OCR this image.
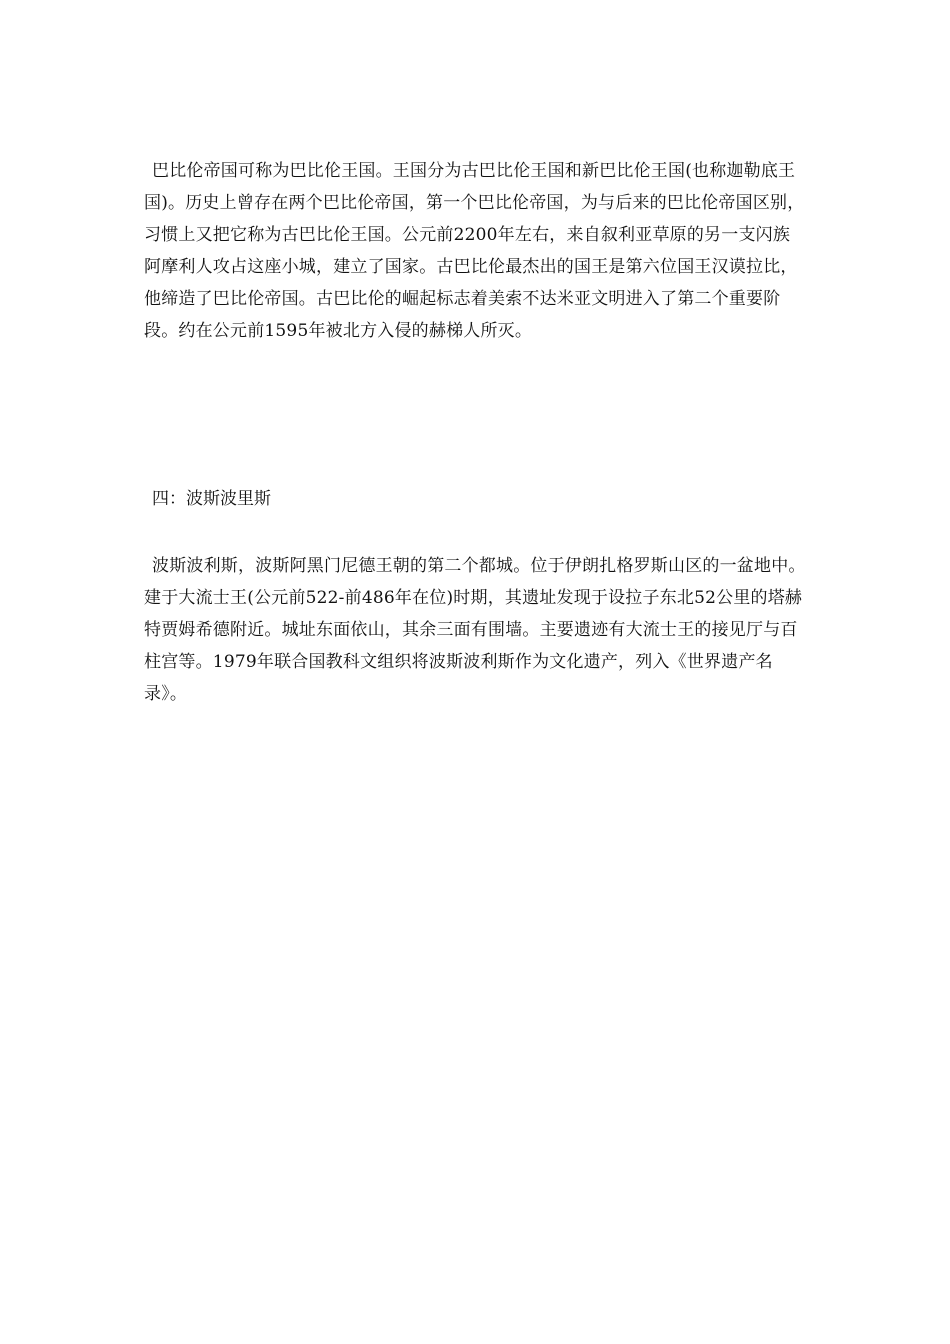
巴比伦帝国可称为巴比伦王国。王国分为古巴比伦王国和新巴比伦王国(也称迦勒底王国)。历史上曾存在两个巴比伦帝国，第一个巴比伦帝国，为与后来的巴比伦帝国区别，习惯上又把它称为古巴比伦王国。公元前2200年左右，来自叙利亚草原的另一支闪族阿摩利人攻占这座小城，建立了国家。古巴比伦最杰出的国王是第六位国王汉谟拉比，他缔造了巴比伦帝国。古巴比伦的崛起标志着美索不达米亚文明进入了第二个重要阶段。约在公元前1595年被北方入侵的赫梯人所灭。

四：波斯波里斯

波斯波利斯，波斯阿黑门尼德王朝的第二个都城。位于伊朗扎格罗斯山区的一盆地中。建于大流士王(公元前522-前486年在位)时期，其遗址发现于设拉子东北52公里的塔赫特贾姆希德附近。城址东面依山，其余三面有围墙。主要遗迹有大流士王的接见厅与百柱宫等。1979年联合国教科文组织将波斯波利斯作为文化遗产，列入《世界遗产名录》。
